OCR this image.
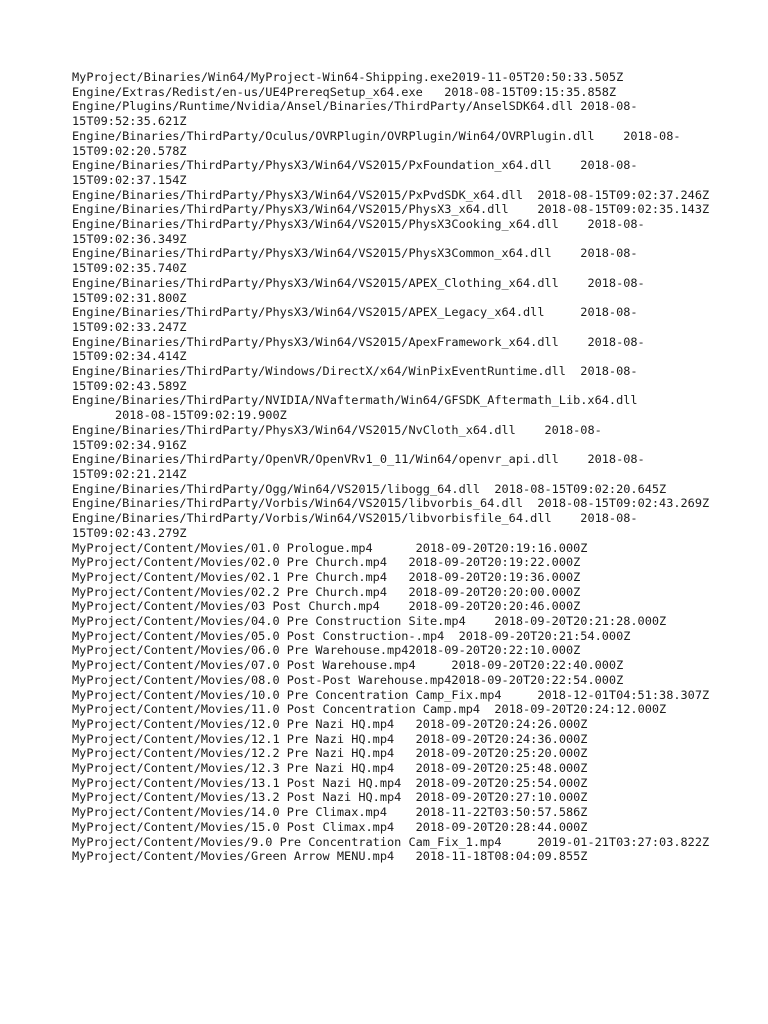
MyProject/Binaries/Win64/MyProject-Win64-Shipping.exe2019-11-05T20:50:33.505Z
Engine/Extras/Redist/en-us/UE4PrereqSetup_x64.exe 2018-08-15T09:15:35.858Z
Engine/Plugins/Runtime/Nvidia/Ansel/Binaries/ThirdParty/AnselSDK64.dll 2018-08-15T09:52:35.621Z
Engine/Binaries/ThirdParty/Oculus/OVRPlugin/OVRPlugin/Win64/OVRPlugin.dll 2018-08-15T09:02:20.578Z
Engine/Binaries/ThirdParty/PhysX3/Win64/VS2015/PxFoundation_x64.dll 2018-08-15T09:02:37.154Z
Engine/Binaries/ThirdParty/PhysX3/Win64/VS2015/PxPvdSDK_x64.dll 2018-08-15T09:02:37.246Z
Engine/Binaries/ThirdParty/PhysX3/Win64/VS2015/PhysX3_x64.dll 2018-08-15T09:02:35.143Z
Engine/Binaries/ThirdParty/PhysX3/Win64/VS2015/PhysX3Cooking_x64.dll 2018-08-15T09:02:36.349Z
Engine/Binaries/ThirdParty/PhysX3/Win64/VS2015/PhysX3Common_x64.dll 2018-08-15T09:02:35.740Z
Engine/Binaries/ThirdParty/PhysX3/Win64/VS2015/APEX_Clothing_x64.dll 2018-08-15T09:02:31.800Z
Engine/Binaries/ThirdParty/PhysX3/Win64/VS2015/APEX_Legacy_x64.dll	2018-08-15T09:02:33.247Z
Engine/Binaries/ThirdParty/PhysX3/Win64/VS2015/ApexFramework_x64.dll 2018-08-15T09:02:34.414Z
Engine/Binaries/ThirdParty/Windows/DirectX/x64/WinPixEventRuntime.dll 2018-08-15T09:02:43.589Z
Engine/Binaries/ThirdParty/NVIDIA/NVaftermath/Win64/GFSDK_Aftermath_Lib.x64.dll      2018-08-15T09:02:19.900Z
Engine/Binaries/ThirdParty/PhysX3/Win64/VS2015/NvCloth_x64.dll 2018-08-15T09:02:34.916Z
Engine/Binaries/ThirdParty/OpenVR/OpenVRv1_0_11/Win64/openvr_api.dll 2018-08-15T09:02:21.214Z
Engine/Binaries/ThirdParty/Ogg/Win64/VS2015/libogg_64.dll 2018-08-15T09:02:20.645Z
Engine/Binaries/ThirdParty/Vorbis/Win64/VS2015/libvorbis_64.dll 2018-08-15T09:02:43.269Z
Engine/Binaries/ThirdParty/Vorbis/Win64/VS2015/libvorbisfile_64.dll 2018-08-15T09:02:43.279Z
MyProject/Content/Movies/01.0 Prologue.mp4	2018-09-20T20:19:16.000Z
MyProject/Content/Movies/02.0 Pre Church.mp4 2018-09-20T20:19:22.000Z
MyProject/Content/Movies/02.1 Pre Church.mp4 2018-09-20T20:19:36.000Z
MyProject/Content/Movies/02.2 Pre Church.mp4 2018-09-20T20:20:00.000Z
MyProject/Content/Movies/03 Post Church.mp4 2018-09-20T20:20:46.000Z
MyProject/Content/Movies/04.0 Pre Construction Site.mp4 2018-09-20T20:21:28.000Z
MyProject/Content/Movies/05.0 Post Construction-.mp4 2018-09-20T20:21:54.000Z
MyProject/Content/Movies/06.0 Pre Warehouse.mp42018-09-20T20:22:10.000Z
MyProject/Content/Movies/07.0 Post Warehouse.mp4	2018-09-20T20:22:40.000Z
MyProject/Content/Movies/08.0 Post-Post Warehouse.mp42018-09-20T20:22:54.000Z
MyProject/Content/Movies/10.0 Pre Concentration Camp_Fix.mp4	2018-12-01T04:51:38.307Z
MyProject/Content/Movies/11.0 Post Concentration Camp.mp4 2018-09-20T20:24:12.000Z
MyProject/Content/Movies/12.0 Pre Nazi HQ.mp4 2018-09-20T20:24:26.000Z
MyProject/Content/Movies/12.1 Pre Nazi HQ.mp4 2018-09-20T20:24:36.000Z
MyProject/Content/Movies/12.2 Pre Nazi HQ.mp4 2018-09-20T20:25:20.000Z
MyProject/Content/Movies/12.3 Pre Nazi HQ.mp4 2018-09-20T20:25:48.000Z
MyProject/Content/Movies/13.1 Post Nazi HQ.mp4 2018-09-20T20:25:54.000Z
MyProject/Content/Movies/13.2 Post Nazi HQ.mp4 2018-09-20T20:27:10.000Z
MyProject/Content/Movies/14.0 Pre Climax.mp4 2018-11-22T03:50:57.586Z
MyProject/Content/Movies/15.0 Post Climax.mp4 2018-09-20T20:28:44.000Z
MyProject/Content/Movies/9.0 Pre Concentration Cam_Fix_1.mp4	2019-01-21T03:27:03.822Z
MyProject/Content/Movies/Green Arrow MENU.mp4 2018-11-18T08:04:09.855Z
